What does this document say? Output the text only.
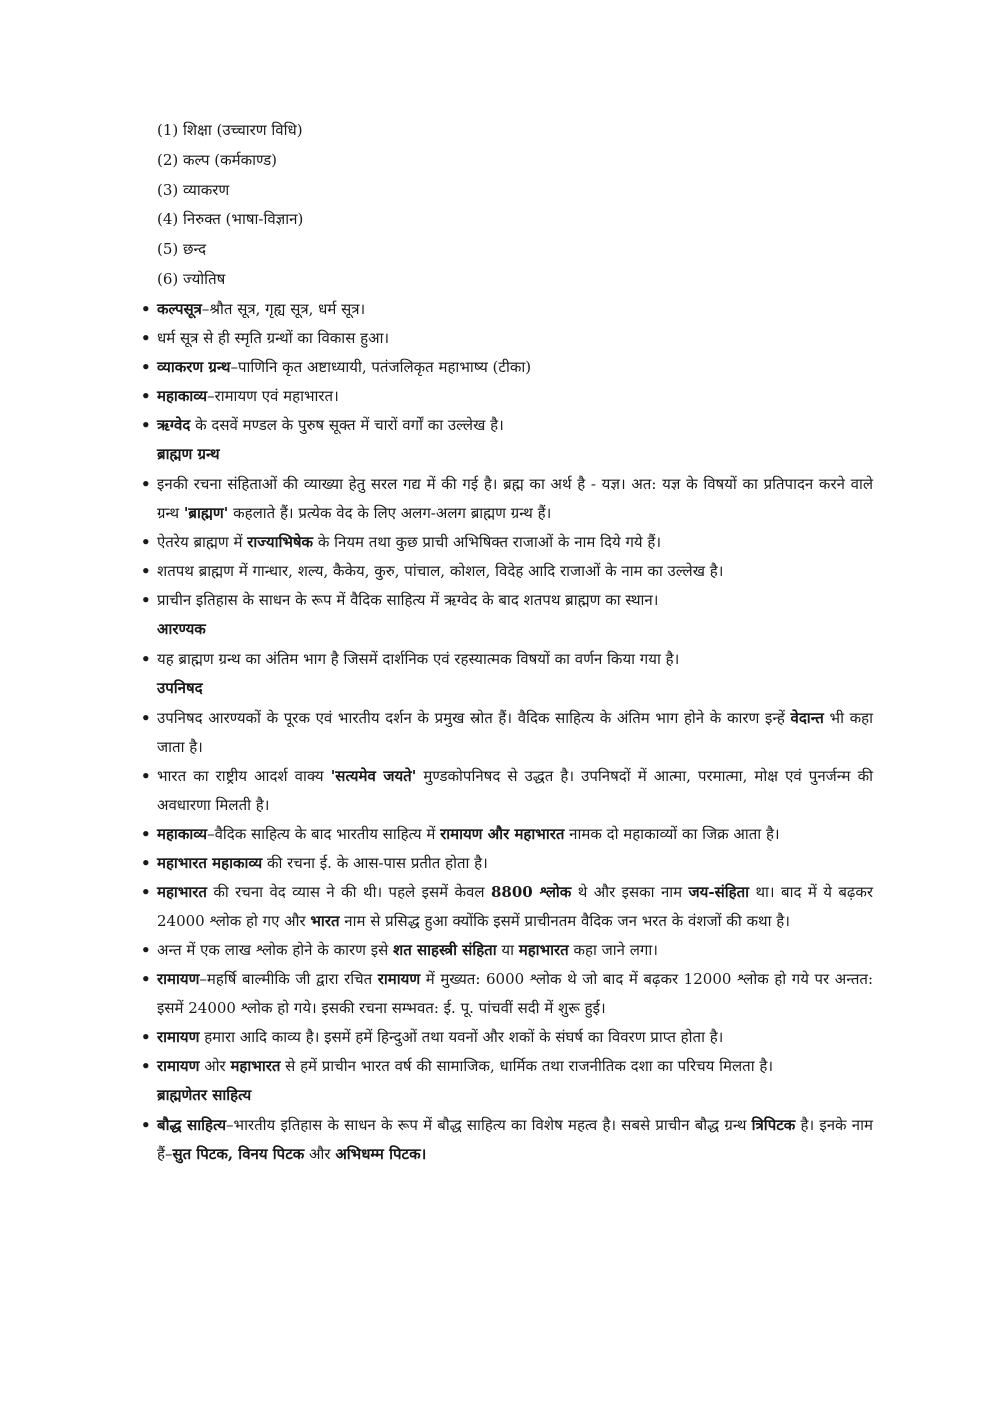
(1) शिक्षा (उच्चारण विधि)
(2) कल्प (कर्मकाण्ड)
(3) व्याकरण
(4) निरुक्त (भाषा-विज्ञान)
(5) छन्द
(6) ज्योतिष
• कल्पसूत्र–श्रौत सूत्र, गृह्य सूत्र, धर्म सूत्र।
• धर्म सूत्र से ही स्मृति ग्रन्थों का विकास हुआ।
• व्याकरण ग्रन्थ–पाणिनि कृत अष्टाध्यायी, पतंजलिकृत महाभाष्य (टीका)
• महाकाव्य–रामायण एवं महाभारत।
• ऋग्वेद के दसवें मण्डल के पुरुष सूक्त में चारों वर्गों का उल्लेख है।
ब्राह्मण ग्रन्थ
• इनकी रचना संहिताओं की व्याख्या हेतु सरल गद्य में की गई है। ब्रह्म का अर्थ है - यज्ञ। अत: यज्ञ के विषयों का प्रतिपादन करने वाले ग्रन्थ 'ब्राह्मण' कहलाते हैं। प्रत्येक वेद के लिए अलग-अलग ब्राह्मण ग्रन्थ हैं।
• ऐतरेय ब्राह्मण में राज्याभिषेक के नियम तथा कुछ प्राची अभिषिक्त राजाओं के नाम दिये गये हैं।
• शतपथ ब्राह्मण में गान्धार, शल्य, कैकेय, कुरु, पांचाल, कोशल, विदेह आदि राजाओं के नाम का उल्लेख है।
• प्राचीन इतिहास के साधन के रूप में वैदिक साहित्य में ऋग्वेद के बाद शतपथ ब्राह्मण का स्थान।
आरण्यक
• यह ब्राह्मण ग्रन्थ का अंतिम भाग है जिसमें दार्शनिक एवं रहस्यात्मक विषयों का वर्णन किया गया है।
उपनिषद
• उपनिषद आरण्यकों के पूरक एवं भारतीय दर्शन के प्रमुख स्रोत हैं। वैदिक साहित्य के अंतिम भाग होने के कारण इन्हें वेदान्त भी कहा जाता है।
• भारत का राष्ट्रीय आदर्श वाक्य 'सत्यमेव जयते' मुण्डकोपनिषद से उद्धत है। उपनिषदों में आत्मा, परमात्मा, मोक्ष एवं पुनर्जन्म की अवधारणा मिलती है।
• महाकाव्य–वैदिक साहित्य के बाद भारतीय साहित्य में रामायण और महाभारत नामक दो महाकाव्यों का जिक्र आता है।
• महाभारत महाकाव्य की रचना ई. के आस-पास प्रतीत होता है।
• महाभारत की रचना वेद व्यास ने की थी। पहले इसमें केवल 8800 श्लोक थे और इसका नाम जय-संहिता था। बाद में ये बढ़कर 24000 श्लोक हो गए और भारत नाम से प्रसिद्ध हुआ क्योंकि इसमें प्राचीनतम वैदिक जन भरत के वंशजों की कथा है।
• अन्त में एक लाख श्लोक होने के कारण इसे शत साहस्त्री संहिता या महाभारत कहा जाने लगा।
• रामायण–महर्षि बाल्मीकि जी द्वारा रचित रामायण में मुख्यत: 6000 श्लोक थे जो बाद में बढ़कर 12000 श्लोक हो गये पर अन्तत: इसमें 24000 श्लोक हो गये। इसकी रचना सम्भवत: ई. पू. पांचवीं सदी में शुरू हुई।
• रामायण हमारा आदि काव्य है। इसमें हमें हिन्दुओं तथा यवनों और शकों के संघर्ष का विवरण प्राप्त होता है।
• रामायण ओर महाभारत से हमें प्राचीन भारत वर्ष की सामाजिक, धार्मिक तथा राजनीतिक दशा का परिचय मिलता है।
ब्राह्मणेतर साहित्य
• बौद्ध साहित्य–भारतीय इतिहास के साधन के रूप में बौद्ध साहित्य का विशेष महत्व है। सबसे प्राचीन बौद्ध ग्रन्थ त्रिपिटक है। इनके नाम हैं–सुत पिटक, विनय पिटक और अभिधम्म पिटक।
